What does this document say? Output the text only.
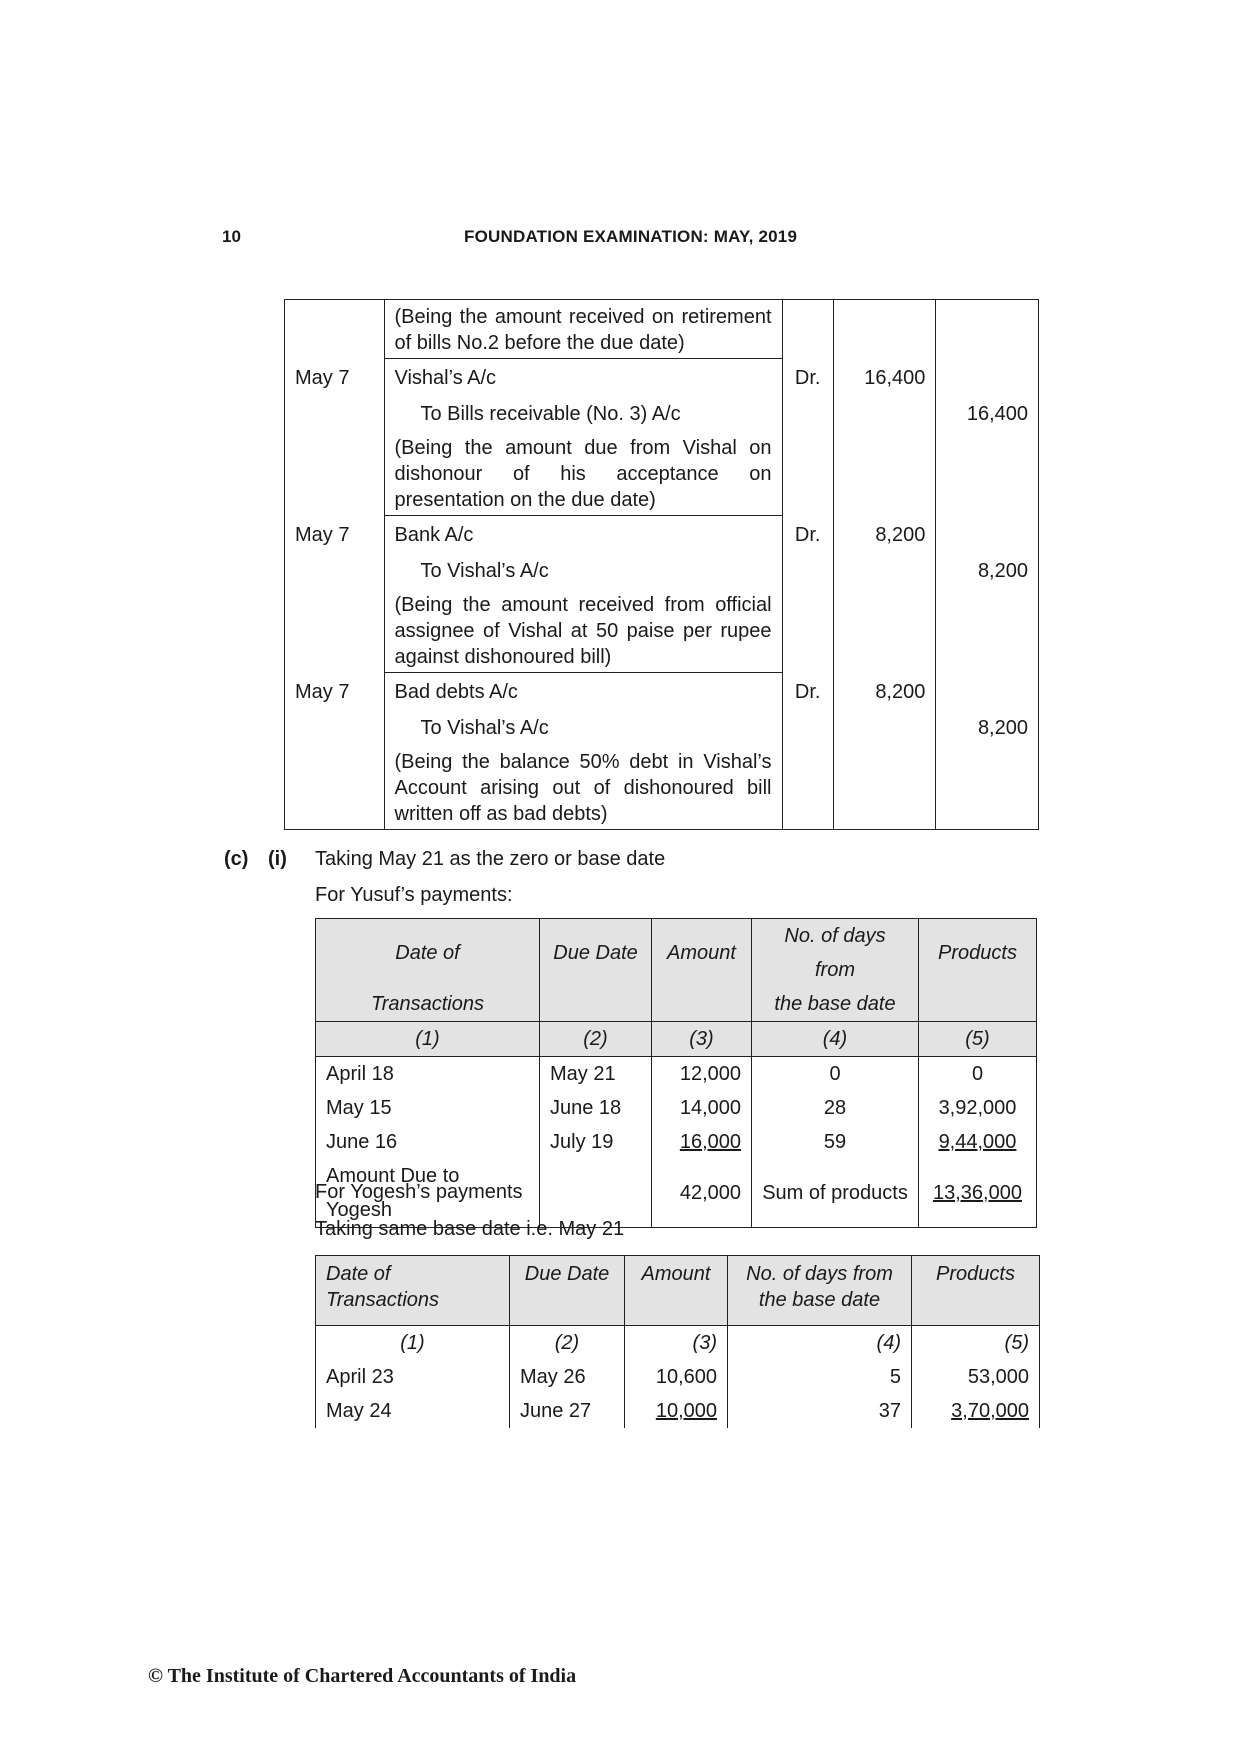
10	FOUNDATION EXAMINATION: MAY, 2019
	(Being the amount received on retirement of bills No.2 before the due date)			
May 7	Vishal’s A/c	Dr.	16,400	
	To Bills receivable (No. 3) A/c			16,400
	(Being the amount due from Vishal on dishonour of his acceptance on presentation on the due date)			
May 7	Bank A/c	Dr.	8,200	
	To Vishal’s A/c			8,200
	(Being the amount received from official assignee of Vishal at 50 paise per rupee against dishonoured bill)			
May 7	Bad debts A/c	Dr.	8,200	
	To Vishal’s A/c			8,200
	(Being the balance 50% debt in Vishal’s Account arising out of dishonoured bill written off as bad debts)			
(c) (i) Taking May 21 as the zero or base date
For Yusuf’s payments:
Date of	Due Date	Amount	No. of days from	Products
Transactions			the base date	
(1)	(2)	(3)	(4)	(5)
April 18	May 21	12,000	0	0
May 15	June 18	14,000	28	3,92,000
June 16	July 19	16,000	59	9,44,000
Amount Due to Yogesh		42,000	Sum of products	13,36,000
For Yogesh’s payments
Taking same base date i.e. May 21
Date of Transactions	Due Date	Amount	No. of days from the base date	Products
(1)	(2)	(3)	(4)	(5)
April 23	May 26	10,600	5	53,000
May 24	June 27	10,000	37	3,70,000
© The Institute of Chartered Accountants of India
